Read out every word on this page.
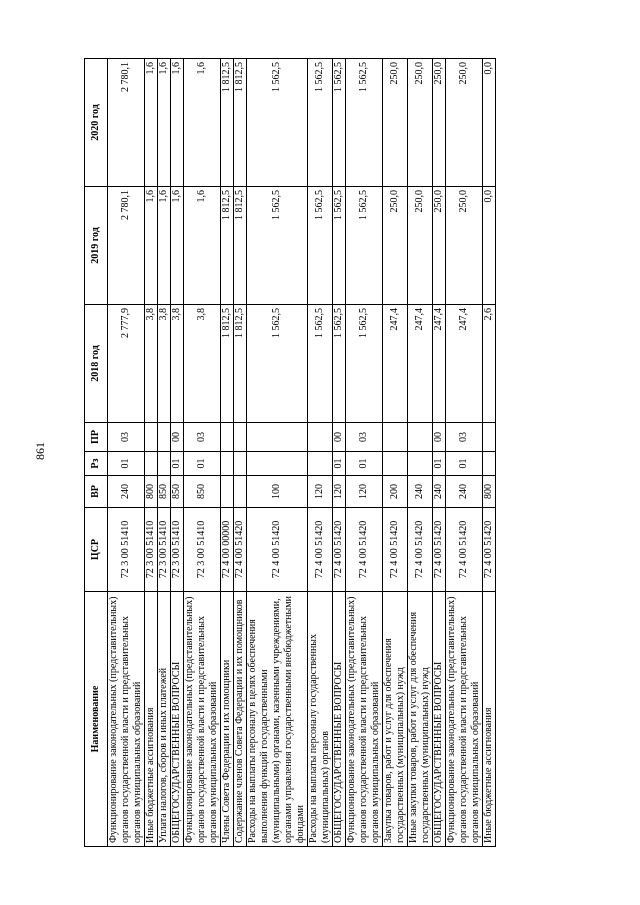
861
Наименование	ЦСР	ВР	Рз	ПР	2018 год	2019 год	2020 год
Функционирование законодательных (представительных) органов государственной власти и представительных органов муниципальных образований	72 3 00 51410	240	01	03	2 777,9	2 780,1	2 780,1
Иные бюджетные ассигнования	72 3 00 51410	800			3,8	1,6	1,6
Уплата налогов, сборов и иных платежей	72 3 00 51410	850			3,8	1,6	1,6
ОБЩЕГОСУДАРСТВЕННЫЕ ВОПРОСЫ	72 3 00 51410	850	01	00	3,8	1,6	1,6
Функционирование законодательных (представительных) органов государственной власти и представительных органов муниципальных образований	72 3 00 51410	850	01	03	3,8	1,6	1,6
Члены Совета Федерации и их помощники	72 4 00 00000				1 812,5	1 812,5	1 812,5
Содержание членов Совета Федерации и их помощников	72 4 00 51420				1 812,5	1 812,5	1 812,5
Расходы на выплаты персоналу в целях обеспечения выполнения функций государственными (муниципальными) органами, казенными учреждениями, органами управления государственными внебюджетными фондами	72 4 00 51420	100			1 562,5	1 562,5	1 562,5
Расходы на выплаты персоналу государственных (муниципальных) органов	72 4 00 51420	120			1 562,5	1 562,5	1 562,5
ОБЩЕГОСУДАРСТВЕННЫЕ ВОПРОСЫ	72 4 00 51420	120	01	00	1 562,5	1 562,5	1 562,5
Функционирование законодательных (представительных) органов государственной власти и представительных органов муниципальных образований	72 4 00 51420	120	01	03	1 562,5	1 562,5	1 562,5
Закупка товаров, работ и услуг для обеспечения государственных (муниципальных) нужд	72 4 00 51420	200			247,4	250,0	250,0
Иные закупки товаров, работ и услуг для обеспечения государственных (муниципальных) нужд	72 4 00 51420	240			247,4	250,0	250,0
ОБЩЕГОСУДАРСТВЕННЫЕ ВОПРОСЫ	72 4 00 51420	240	01	00	247,4	250,0	250,0
Функционирование законодательных (представительных) органов государственной власти и представительных органов муниципальных образований	72 4 00 51420	240	01	03	247,4	250,0	250,0
Иные бюджетные ассигнования	72 4 00 51420	800			2,6	0,0	0,0
